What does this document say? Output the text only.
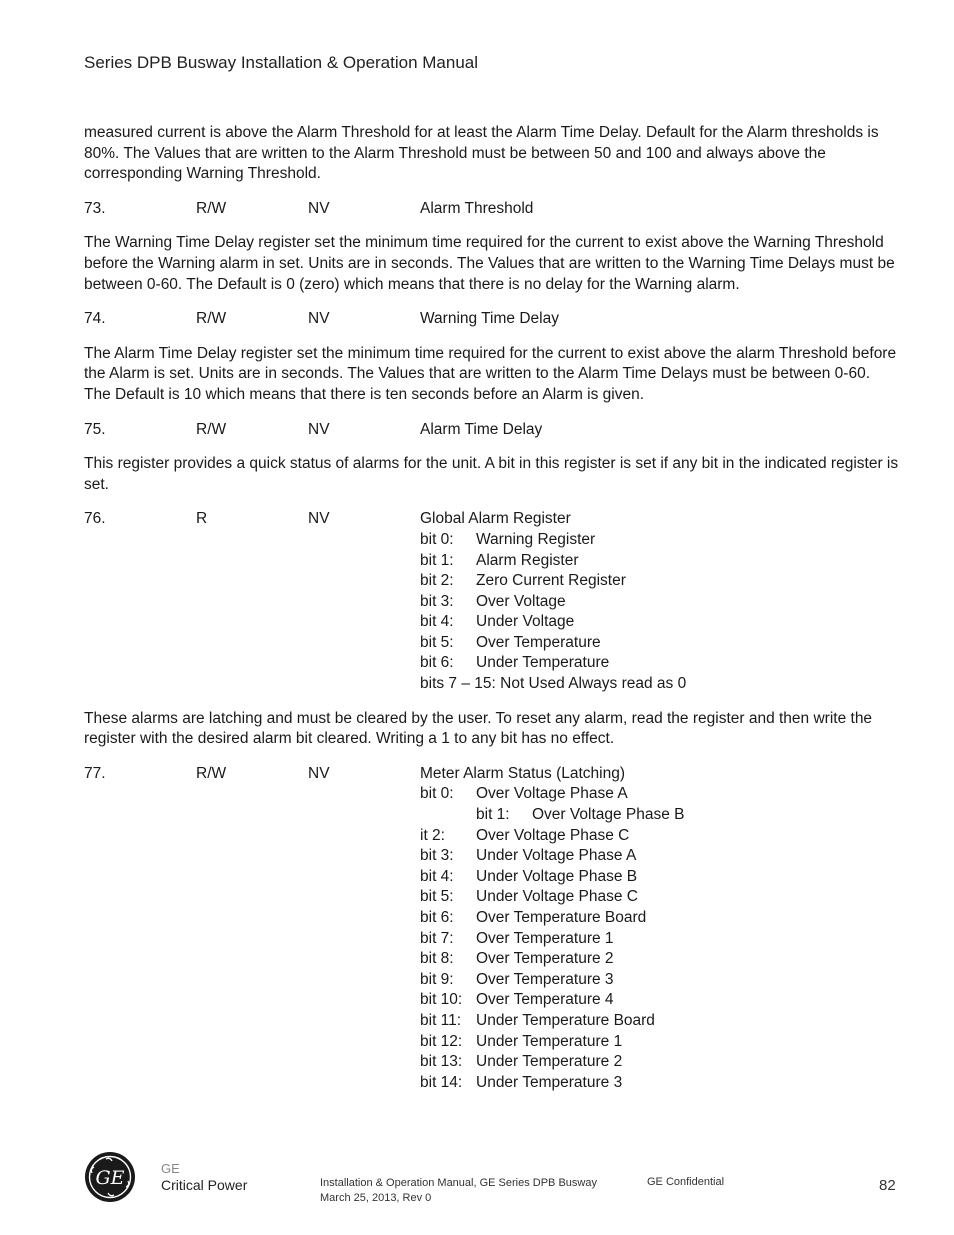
Series DPB Busway Installation & Operation Manual

measured current is above the Alarm Threshold for at least the Alarm Time Delay. Default for the Alarm thresholds is 80%. The Values that are written to the Alarm Threshold must be between 50 and 100 and always above the corresponding Warning Threshold.

73.	R/W	NV	Alarm Threshold

The Warning Time Delay register set the minimum time required for the current to exist above the Warning Threshold before the Warning alarm in set. Units are in seconds. The Values that are written to the Warning Time Delays must be between 0-60. The Default is 0 (zero) which means that there is no delay for the Warning alarm.

74.	R/W	NV	Warning Time Delay

The Alarm Time Delay register set the minimum time required for the current to exist above the alarm Threshold before the Alarm is set. Units are in seconds. The Values that are written to the Alarm Time Delays must be between 0-60. The Default is 10 which means that there is ten seconds before an Alarm is given.

75.	R/W	NV	Alarm Time Delay

This register provides a quick status of alarms for the unit. A bit in this register is set if any bit in the indicated register is set.

76.	R	NV	Global Alarm Register
bit 0: Warning Register
bit 1: Alarm Register
bit 2: Zero Current Register
bit 3: Over Voltage
bit 4: Under Voltage
bit 5: Over Temperature
bit 6: Under Temperature
bits 7 – 15: Not Used Always read as 0

These alarms are latching and must be cleared by the user. To reset any alarm, read the register and then write the register with the desired alarm bit cleared. Writing a 1 to any bit has no effect.

77.	R/W	NV	Meter Alarm Status (Latching)
bit 0: Over Voltage Phase A
bit 1: Over Voltage Phase B
it 2: Over Voltage Phase C
bit 3: Under Voltage Phase A
bit 4: Under Voltage Phase B
bit 5: Under Voltage Phase C
bit 6: Over Temperature Board
bit 7: Over Temperature 1
bit 8: Over Temperature 2
bit 9: Over Temperature 3
bit 10: Over Temperature 4
bit 11: Under Temperature Board
bit 12: Under Temperature 1
bit 13: Under Temperature 2
bit 14: Under Temperature 3
GE	GE
Critical Power	Installation & Operation Manual, GE Series DPB Busway
March 25, 2013, Rev 0
GE Confidential	82
